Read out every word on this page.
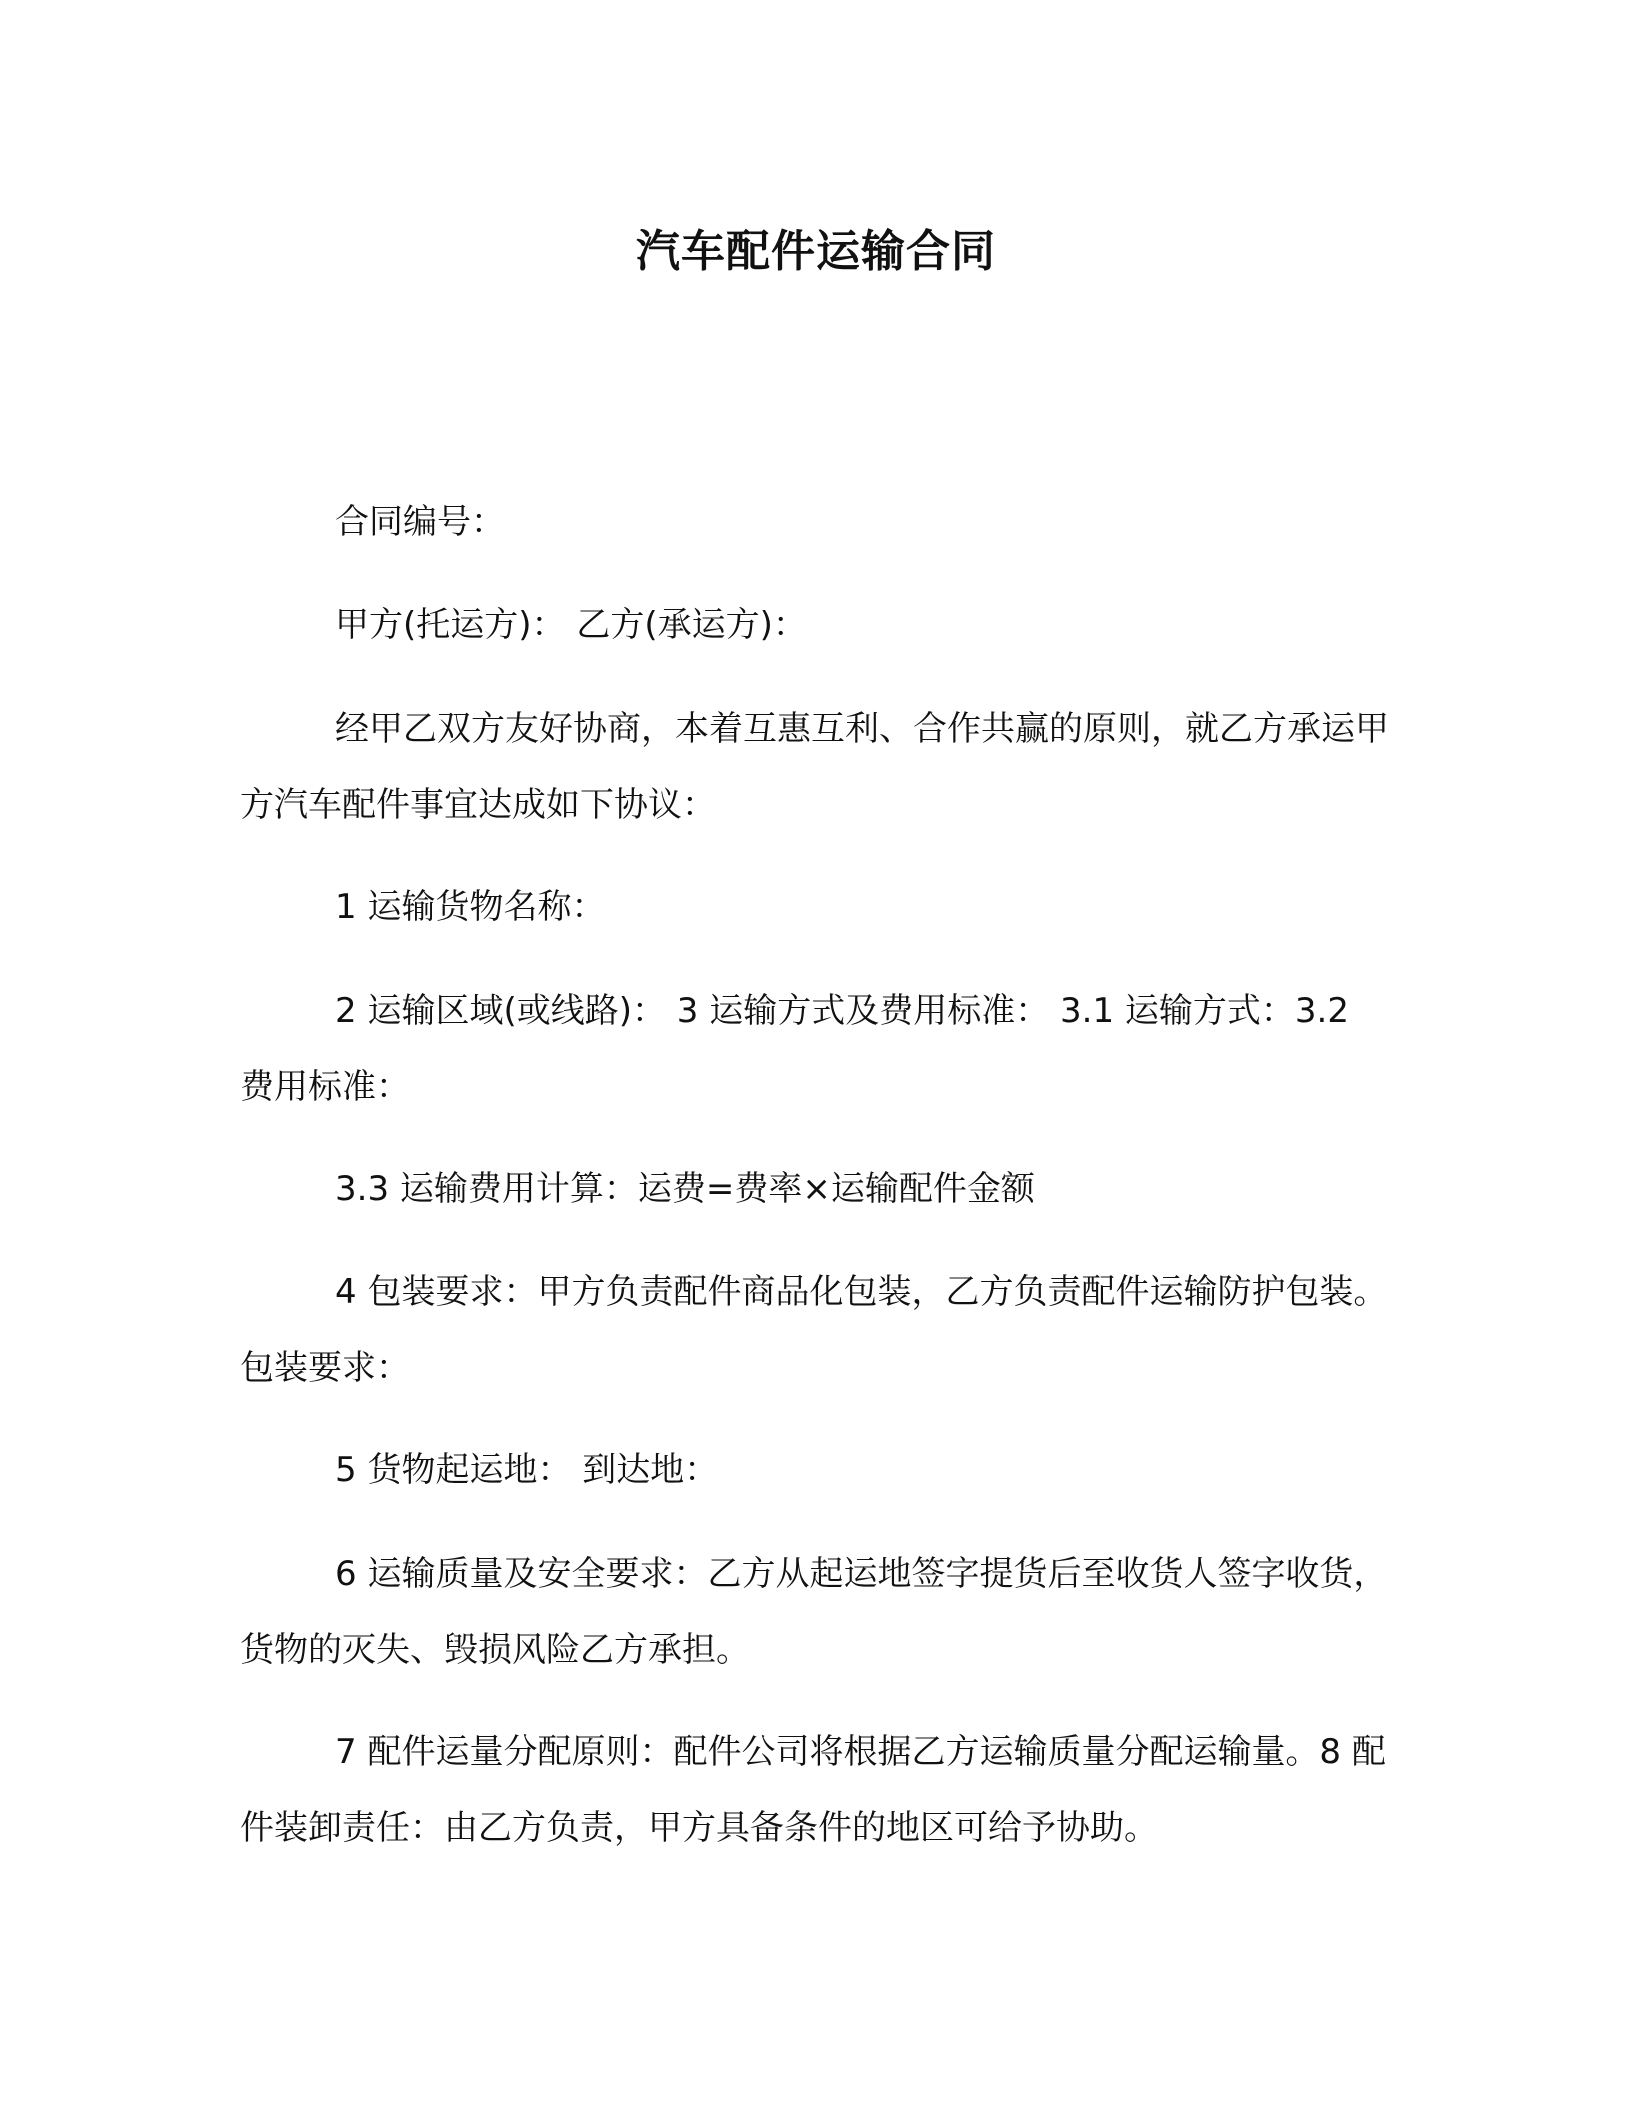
汽车配件运输合同
合同编号：
甲方(托运方)： 乙方(承运方)：
经甲乙双方友好协商，本着互惠互利、合作共赢的原则，就乙方承运甲方汽车配件事宜达成如下协议：
1 运输货物名称：
2 运输区域(或线路)： 3 运输方式及费用标准： 3.1 运输方式：3.2 费用标准：
3.3 运输费用计算：运费=费率×运输配件金额
4 包装要求：甲方负责配件商品化包装，乙方负责配件运输防护包装。 包装要求：
5 货物起运地： 到达地：
6 运输质量及安全要求：乙方从起运地签字提货后至收货人签字收货，货物的灭失、毁损风险乙方承担。
7 配件运量分配原则：配件公司将根据乙方运输质量分配运输量。8 配件装卸责任：由乙方负责，甲方具备条件的地区可给予协助。
